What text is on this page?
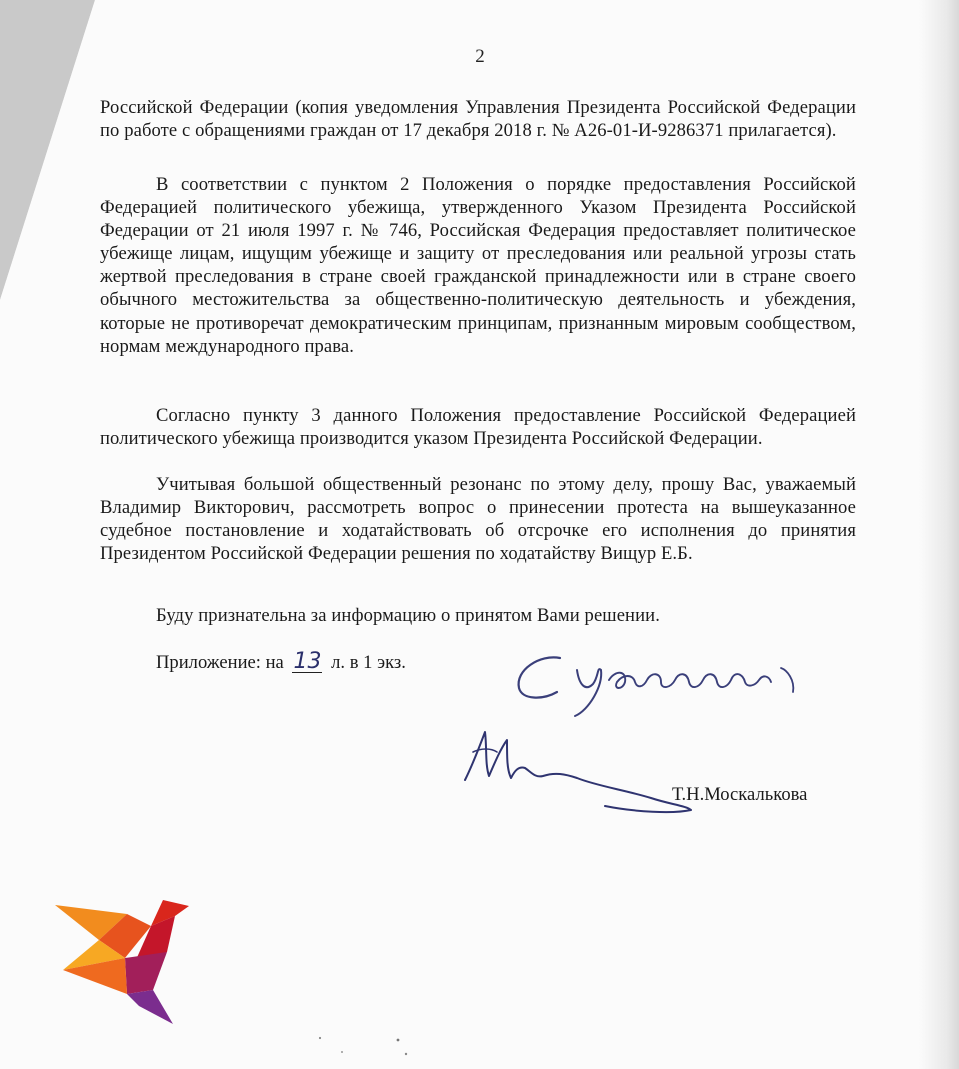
2

Российской Федерации (копия уведомления Управления Президента Российской Федерации по работе с обращениями граждан от 17 декабря 2018 г. № А26-01-И-9286371 прилагается).

В соответствии с пунктом 2 Положения о порядке предоставления Российской Федерацией политического убежища, утвержденного Указом Президента Российской Федерации от 21 июля 1997 г. № 746, Российская Федерация предоставляет политическое убежище лицам, ищущим убежище и защиту от преследования или реальной угрозы стать жертвой преследования в стране своей гражданской принадлежности или в стране своего обычного местожительства за общественно-политическую деятельность и убеждения, которые не противоречат демократическим принципам, признанным мировым сообществом, нормам международного права.

Согласно пункту 3 данного Положения предоставление Российской Федерацией политического убежища производится указом Президента Российской Федерации.

Учитывая большой общественный резонанс по этому делу, прошу Вас, уважаемый Владимир Викторович, рассмотреть вопрос о принесении протеста на вышеуказанное судебное постановление и ходатайствовать об отсрочке его исполнения до принятия Президентом Российской Федерации решения по ходатайству Вищур Е.Б.

Буду признательна за информацию о принятом Вами решении.

Приложение: на 13 л. в 1 экз.
Т.Н.Москалькова
